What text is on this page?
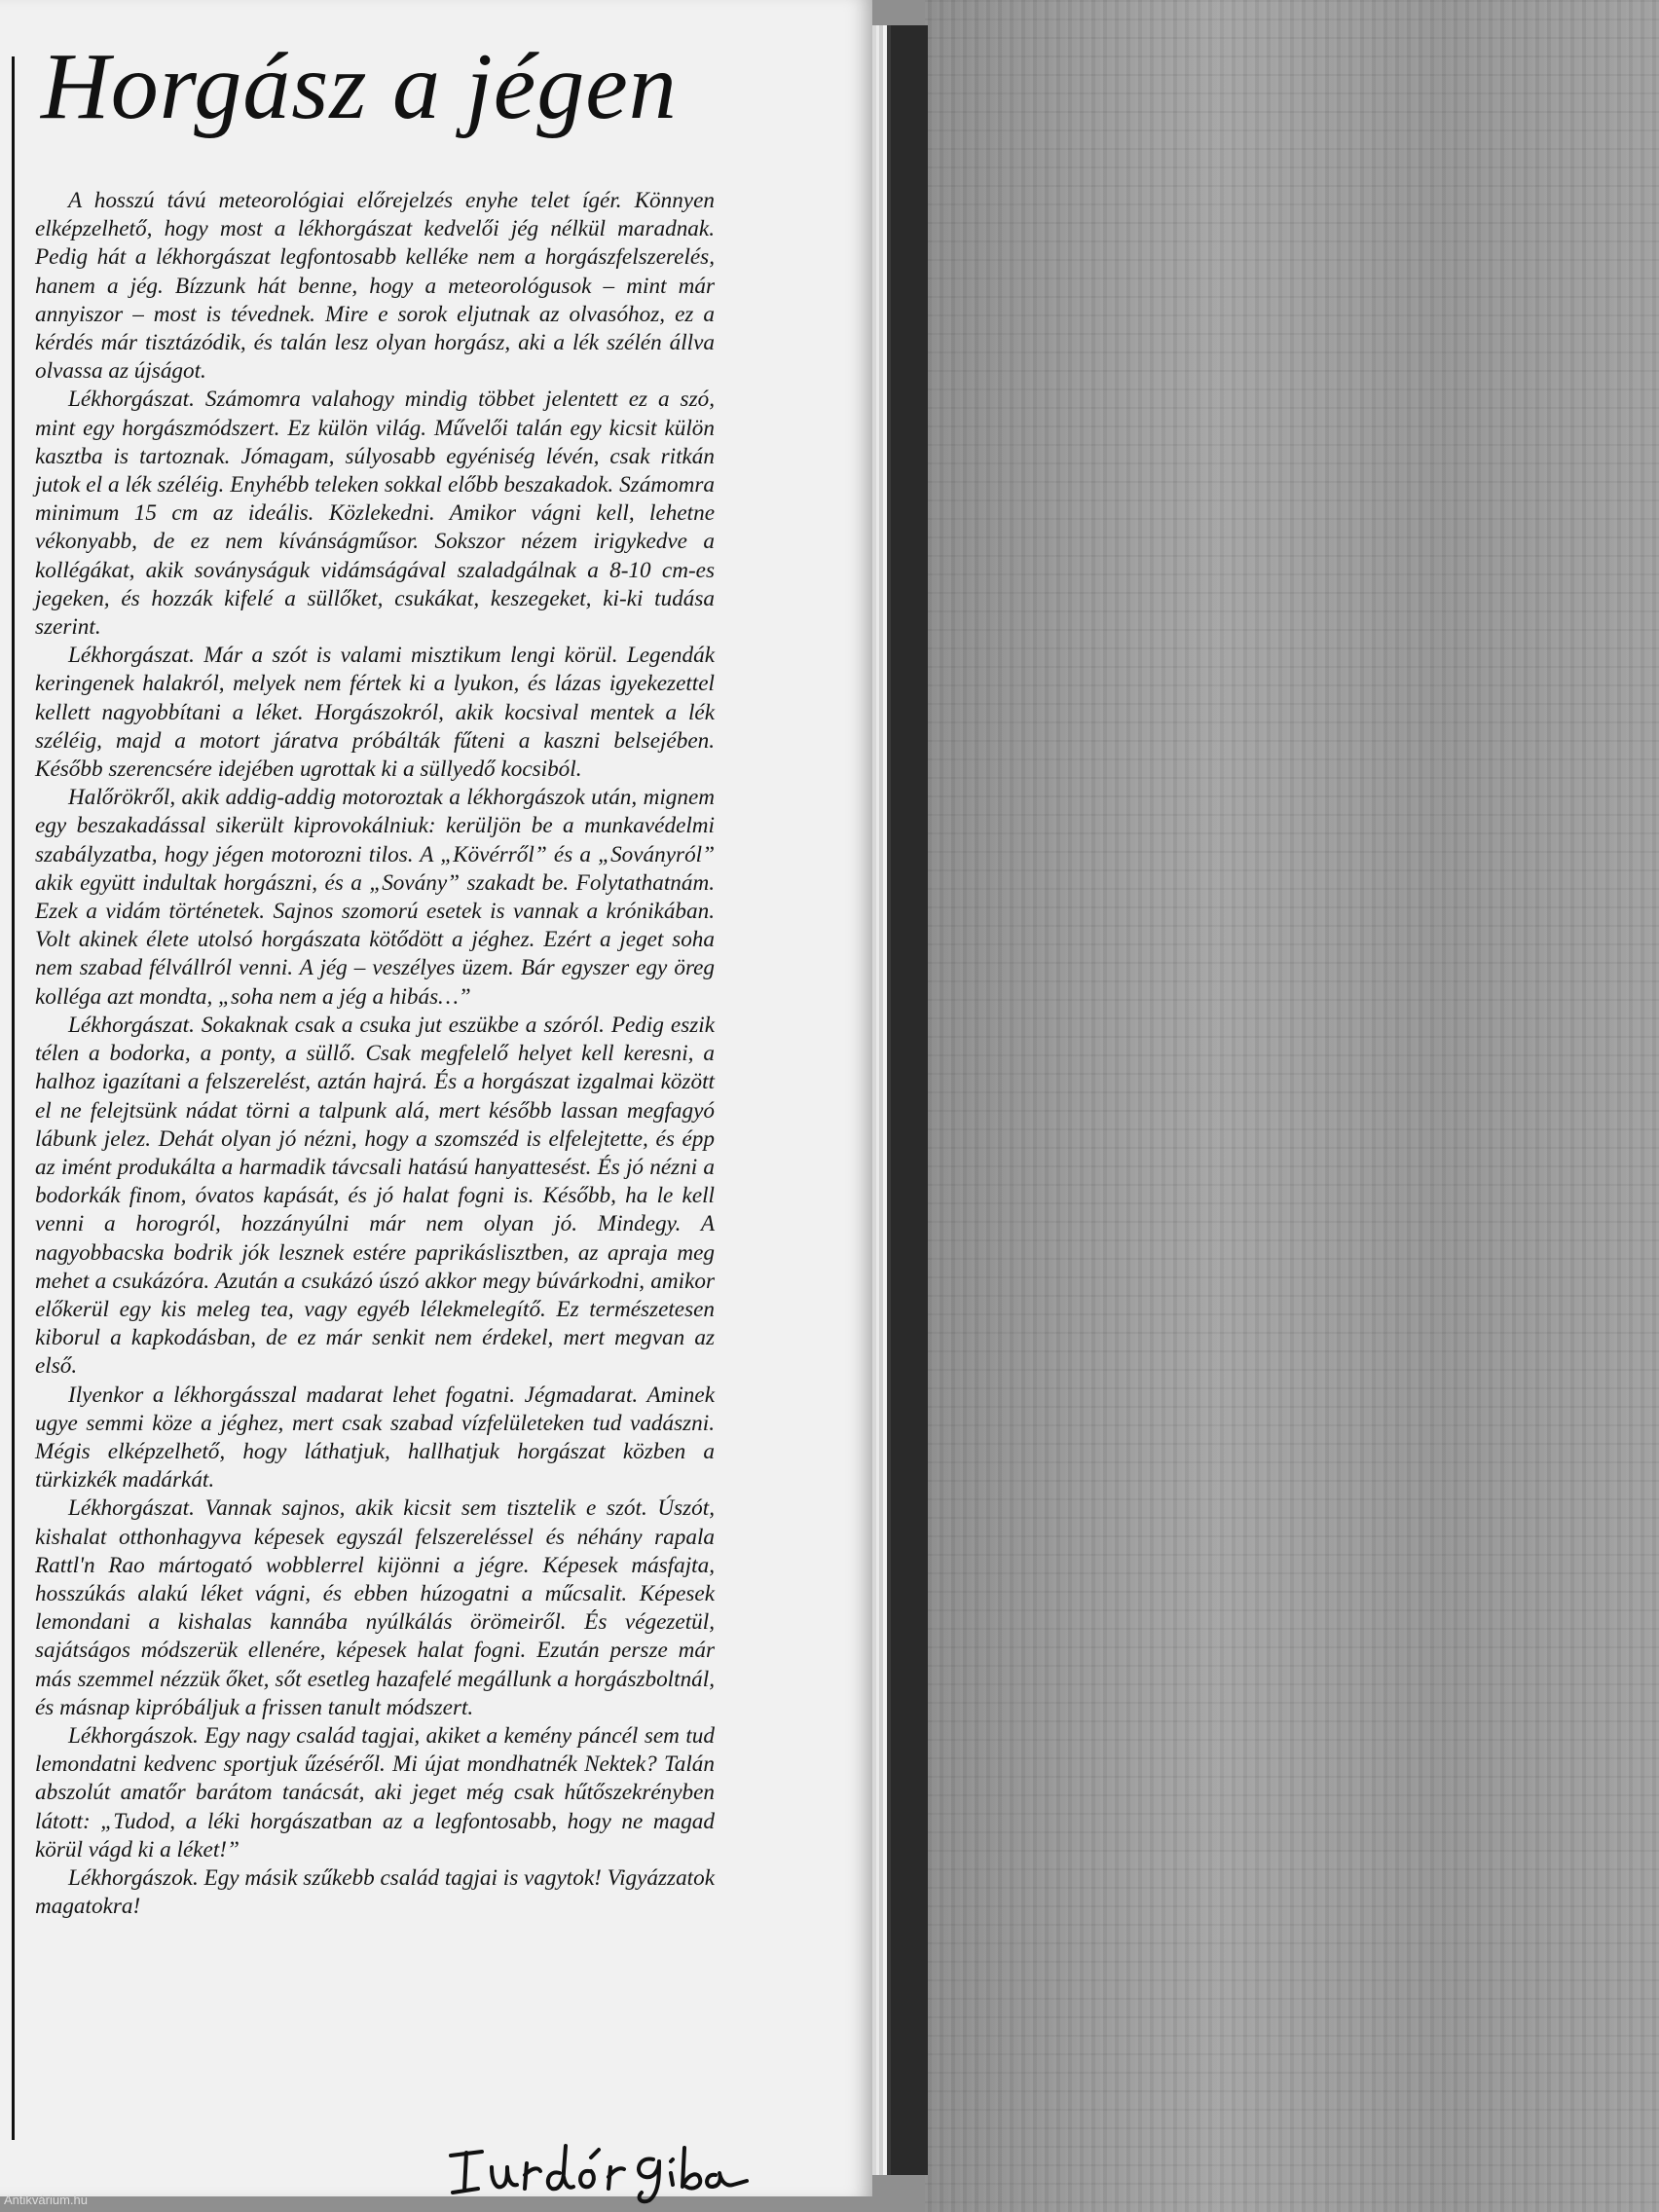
Horgász a jégen

A hosszú távú meteorológiai előrejelzés enyhe telet ígér. Könnyen elképzelhető, hogy most a lékhorgászat kedvelői jég nélkül maradnak. Pedig hát a lékhorgászat legfontosabb kelléke nem a horgászfelszerelés, hanem a jég. Bízzunk hát benne, hogy a meteorológusok – mint már annyiszor – most is tévednek. Mire e sorok eljutnak az olvasóhoz, ez a kérdés már tisztázódik, és talán lesz olyan horgász, aki a lék szélén állva olvassa az újságot.

Lékhorgászat. Számomra valahogy mindig többet jelentett ez a szó, mint egy horgászmódszert. Ez külön világ. Művelői talán egy kicsit külön kasztba is tartoznak. Jómagam, súlyosabb egyéniség lévén, csak ritkán jutok el a lék széléig. Enyhébb teleken sokkal előbb beszakadok. Számomra minimum 15 cm az ideális. Közlekedni. Amikor vágni kell, lehetne vékonyabb, de ez nem kívánságműsor. Sokszor nézem irigykedve a kollégákat, akik soványságuk vidámságával szaladgálnak a 8-10 cm-es jegeken, és hozzák kifelé a süllőket, csukákat, keszegeket, ki-ki tudása szerint.

Lékhorgászat. Már a szót is valami misztikum lengi körül. Legendák keringenek halakról, melyek nem fértek ki a lyukon, és lázas igyekezettel kellett nagyobbítani a léket. Horgászokról, akik kocsival mentek a lék széléig, majd a motort járatva próbálták fűteni a kaszni belsejében. Később szerencsére idejében ugrottak ki a süllyedő kocsiból.

Halőrökről, akik addig-addig motoroztak a lékhorgászok után, mignem egy beszakadással sikerült kiprovokálniuk: kerüljön be a munkavédelmi szabályzatba, hogy jégen motorozni tilos. A „Kövérről” és a „Soványról” akik együtt indultak horgászni, és a „Sovány” szakadt be. Folytathatnám. Ezek a vidám történetek. Sajnos szomorú esetek is vannak a krónikában. Volt akinek élete utolsó horgászata kötődött a jéghez. Ezért a jeget soha nem szabad félvállról venni. A jég – veszélyes üzem. Bár egyszer egy öreg kolléga azt mondta, „soha nem a jég a hibás…”

Lékhorgászat. Sokaknak csak a csuka jut eszükbe a szóról. Pedig eszik télen a bodorka, a ponty, a süllő. Csak megfelelő helyet kell keresni, a halhoz igazítani a felszerelést, aztán hajrá. És a horgászat izgalmai között el ne felejtsünk nádat törni a talpunk alá, mert később lassan megfagyó lábunk jelez. Dehát olyan jó nézni, hogy a szomszéd is elfelejtette, és épp az imént produkálta a harmadik távcsali hatású hanyattesést. És jó nézni a bodorkák finom, óvatos kapását, és jó halat fogni is. Később, ha le kell venni a horogról, hozzányúlni már nem olyan jó. Mindegy. A nagyobbacska bodrik jók lesznek estére paprikáslisztben, az apraja meg mehet a csukázóra. Azután a csukázó úszó akkor megy búvárkodni, amikor előkerül egy kis meleg tea, vagy egyéb lélekmelegítő. Ez természetesen kiborul a kapkodásban, de ez már senkit nem érdekel, mert megvan az első.

Ilyenkor a lékhorgásszal madarat lehet fogatni. Jégmadarat. Aminek ugye semmi köze a jéghez, mert csak szabad vízfelületeken tud vadászni. Mégis elképzelhető, hogy láthatjuk, hallhatjuk horgászat közben a türkizkék madárkát.

Lékhorgászat. Vannak sajnos, akik kicsit sem tisztelik e szót. Úszót, kishalat otthonhagyva képesek egyszál felszereléssel és néhány rapala Rattl'n Rao mártogató wobblerrel kijönni a jégre. Képesek másfajta, hosszúkás alakú léket vágni, és ebben húzogatni a műcsalit. Képesek lemondani a kishalas kannába nyúlkálás örömeiről. És végezetül, sajátságos módszerük ellenére, képesek halat fogni. Ezután persze már más szemmel nézzük őket, sőt esetleg hazafelé megállunk a horgászboltnál, és másnap kipróbáljuk a frissen tanult módszert.

Lékhorgászok. Egy nagy család tagjai, akiket a kemény páncél sem tud lemondatni kedvenc sportjuk űzéséről. Mi újat mondhatnék Nektek? Talán abszolút amatőr barátom tanácsát, aki jeget még csak hűtőszekrényben látott: „Tudod, a léki horgászatban az a legfontosabb, hogy ne magad körül vágd ki a léket!”

Lékhorgászok. Egy másik szűkebb család tagjai is vagytok! Vigyázzatok magatokra!

Antikvárium.hu
